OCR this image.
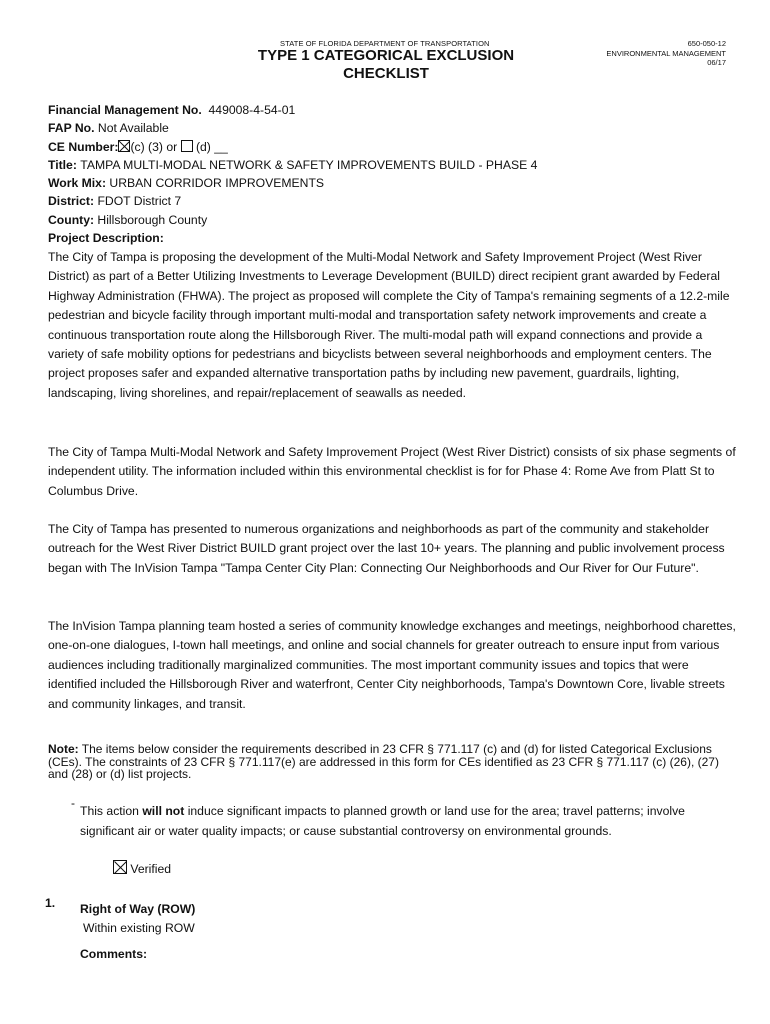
STATE OF FLORIDA DEPARTMENT OF TRANSPORTATION
TYPE 1 CATEGORICAL EXCLUSION
CHECKLIST
650-050-12
ENVIRONMENTAL MANAGEMENT
06/17
Financial Management No. 449008-4-54-01
FAP No. Not Available
CE Number: (c) (3) or (d) __
Title: TAMPA MULTI-MODAL NETWORK & SAFETY IMPROVEMENTS BUILD - PHASE 4
Work Mix: URBAN CORRIDOR IMPROVEMENTS
District: FDOT District 7
County: Hillsborough County
Project Description:
The City of Tampa is proposing the development of the Multi-Modal Network and Safety Improvement Project (West River District) as part of a Better Utilizing Investments to Leverage Development (BUILD) direct recipient grant awarded by Federal Highway Administration (FHWA). The project as proposed will complete the City of Tampa's remaining segments of a 12.2-mile pedestrian and bicycle facility through important multi-modal and transportation safety network improvements and create a continuous transportation route along the Hillsborough River. The multi-modal path will expand connections and provide a variety of safe mobility options for pedestrians and bicyclists between several neighborhoods and employment centers. The project proposes safer and expanded alternative transportation paths by including new pavement, guardrails, lighting, landscaping, living shorelines, and repair/replacement of seawalls as needed.
The City of Tampa Multi-Modal Network and Safety Improvement Project (West River District) consists of six phase segments of independent utility. The information included within this environmental checklist is for for Phase 4: Rome Ave from Platt St to Columbus Drive.
The City of Tampa has presented to numerous organizations and neighborhoods as part of the community and stakeholder outreach for the West River District BUILD grant project over the last 10+ years. The planning and public involvement process began with The InVision Tampa "Tampa Center City Plan: Connecting Our Neighborhoods and Our River for Our Future".
The InVision Tampa planning team hosted a series of community knowledge exchanges and meetings, neighborhood charettes, one-on-one dialogues, I-town hall meetings, and online and social channels for greater outreach to ensure input from various audiences including traditionally marginalized communities. The most important community issues and topics that were identified included the Hillsborough River and waterfront, Center City neighborhoods, Tampa's Downtown Core, livable streets and community linkages, and transit.
Note: The items below consider the requirements described in 23 CFR § 771.117 (c) and (d) for listed Categorical Exclusions (CEs). The constraints of 23 CFR § 771.117(e) are addressed in this form for CEs identified as 23 CFR § 771.117 (c) (26), (27) and (28) or (d) list projects.
-
This action will not induce significant impacts to planned growth or land use for the area; travel patterns; involve significant air or water quality impacts; or cause substantial controversy on environmental grounds.
Verified
1. Right of Way (ROW)
Within existing ROW
Comments:
